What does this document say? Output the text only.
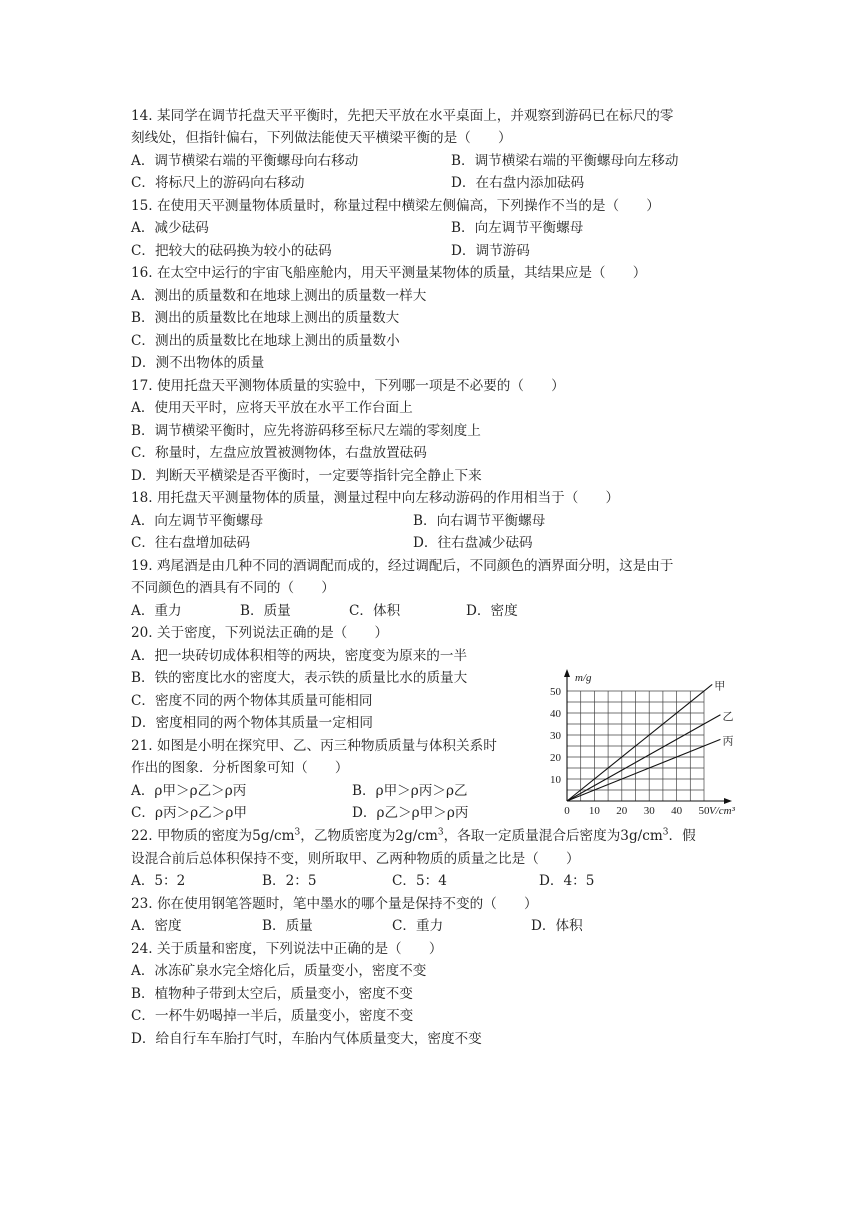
14. 某同学在调节托盘天平平衡时，先把天平放在水平桌面上，并观察到游码已在标尺的零
刻线处，但指针偏右，下列做法能使天平横梁平衡的是（　　）
A．调节横梁右端的平衡螺母向右移动	B．调节横梁右端的平衡螺母向左移动
C．将标尺上的游码向右移动	D．在右盘内添加砝码
15. 在使用天平测量物体质量时，称量过程中横梁左侧偏高，下列操作不当的是（　　）
A．减少砝码	B．向左调节平衡螺母
C．把较大的砝码换为较小的砝码	D．调节游码
16. 在太空中运行的宇宙飞船座舱内，用天平测量某物体的质量，其结果应是（　　）
A．测出的质量数和在地球上测出的质量数一样大
B．测出的质量数比在地球上测出的质量数大
C．测出的质量数比在地球上测出的质量数小
D．测不出物体的质量
17. 使用托盘天平测物体质量的实验中，下列哪一项是不必要的（　　）
A．使用天平时，应将天平放在水平工作台面上
B．调节横梁平衡时，应先将游码移至标尺左端的零刻度上
C．称量时，左盘应放置被测物体，右盘放置砝码
D．判断天平横梁是否平衡时，一定要等指针完全静止下来
18. 用托盘天平测量物体的质量，测量过程中向左移动游码的作用相当于（　　）
A．向左调节平衡螺母	B．向右调节平衡螺母
C．往右盘增加砝码	D．往右盘减少砝码
19. 鸡尾酒是由几种不同的酒调配而成的，经过调配后，不同颜色的酒界面分明，这是由于
不同颜色的酒具有不同的（　　）
A．重力	B．质量	C．体积	D．密度
20. 关于密度，下列说法正确的是（　　）
A．把一块砖切成体积相等的两块，密度变为原来的一半
B．铁的密度比水的密度大，表示铁的质量比水的质量大
C．密度不同的两个物体其质量可能相同
D．密度相同的两个物体其质量一定相同
21. 如图是小明在探究甲、乙、丙三种物质质量与体积关系时
作出的图象．分析图象可知（　　）
A．ρ甲＞ρ乙＞ρ丙	B．ρ甲＞ρ丙＞ρ乙
C．ρ丙＞ρ乙＞ρ甲	D．ρ乙＞ρ甲＞ρ丙	0 10 20 30 40 50
10
20
30
40
50
m/g
V/cm³
甲
乙
丙
22. 甲物质的密度为$5g/cm^3$，乙物质密度为$2g/cm^3$，各取一定质量混合后密度为$3g/cm^3$．假
设混合前后总体积保持不变，则所取甲、乙两种物质的质量之比是（　　）
A．5：2	B．2：5	C．5：4	D．4：5
23. 你在使用钢笔答题时，笔中墨水的哪个量是保持不变的（　　）
A．密度	B．质量	C．重力	D．体积
24. 关于质量和密度，下列说法中正确的是（　　）
A．冰冻矿泉水完全熔化后，质量变小，密度不变
B．植物种子带到太空后，质量变小，密度不变
C．一杯牛奶喝掉一半后，质量变小，密度不变
D．给自行车车胎打气时，车胎内气体质量变大，密度不变
